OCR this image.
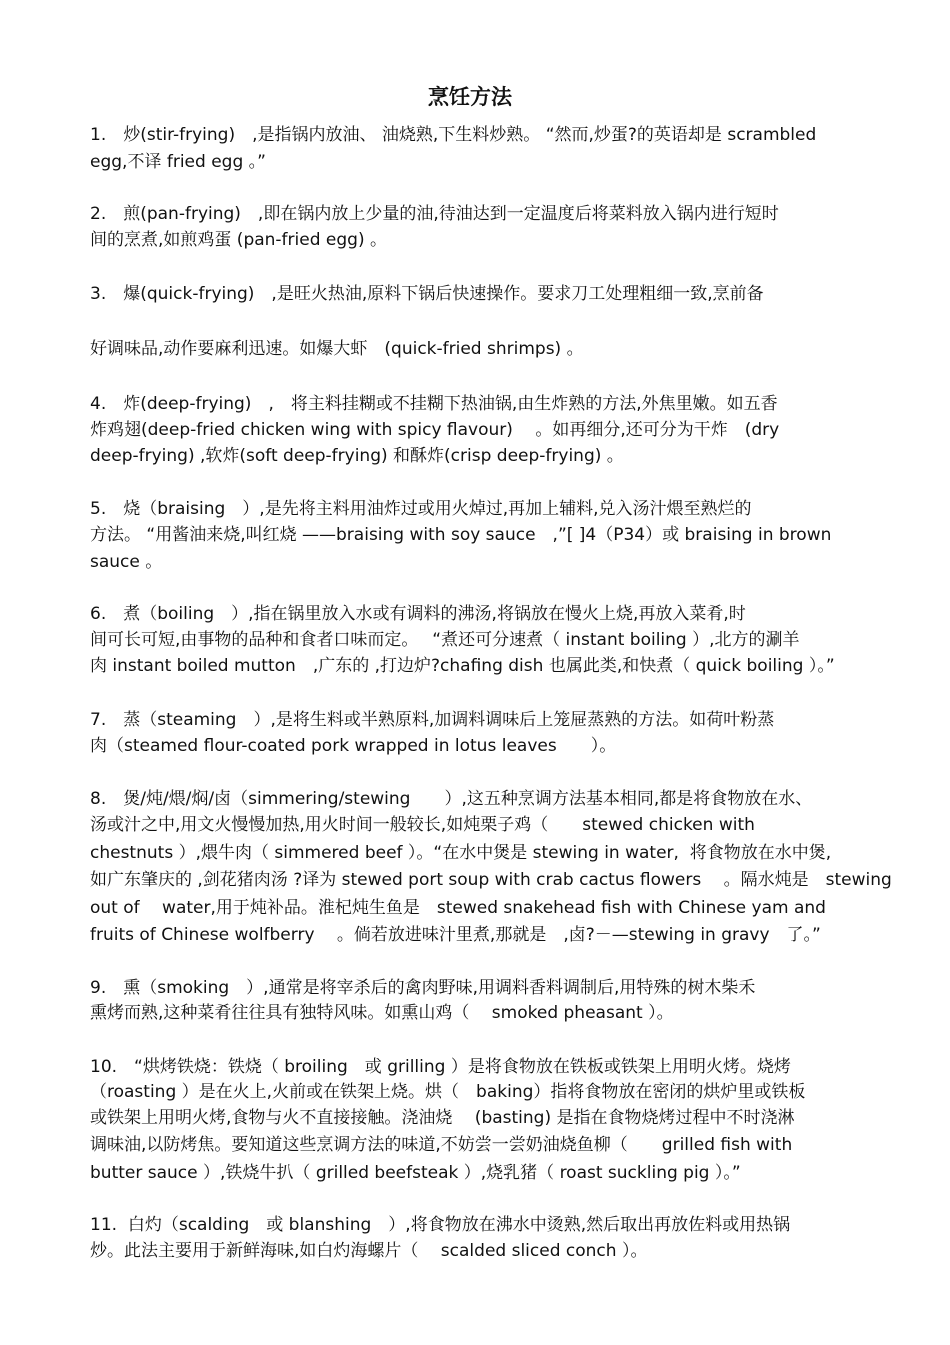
烹饪方法

1.　炒(stir-frying)　,是指锅内放油、 油烧熟,下生料炒熟。 “然而,炒蛋?的英语却是 scrambled

egg,不译 fried egg 。”

2.　煎(pan-frying)　,即在锅内放上少量的油,待油达到一定温度后将菜料放入锅内进行短时

间的烹煮,如煎鸡蛋 (pan-fried egg) 。

3.　爆(quick-frying)　,是旺火热油,原料下锅后快速操作。要求刀工处理粗细一致,烹前备

好调味品,动作要麻利迅速。如爆大虾　(quick-fried shrimps) 。

4.　炸(deep-frying)　,　将主料挂糊或不挂糊下热油锅,由生炸熟的方法,外焦里嫩。如五香

炸鸡翅(deep-fried chicken wing with spicy flavour)　 。如再细分,还可分为干炸　(dry

deep-frying) ,软炸(soft deep-frying) 和酥炸(crisp deep-frying) 。

5.　烧（braising　）,是先将主料用油炸过或用火焯过,再加上辅料,兑入汤汁煨至熟烂的

方法。 “用酱油来烧,叫红烧 ——braising with soy sauce　,”[ ]4（P34）或 braising in brown

sauce 。

6.　煮（boiling　）,指在锅里放入水或有调料的沸汤,将锅放在慢火上烧,再放入菜肴,时

间可长可短,由事物的品种和食者口味而定。　 “煮还可分速煮（ instant boiling ）,北方的涮羊

肉 instant boiled mutton　,广东的 ,打边炉?chafing dish 也属此类,和快煮（ quick boiling ）。”

7.　蒸（steaming　）,是将生料或半熟原料,加调料调味后上笼屉蒸熟的方法。如荷叶粉蒸

肉（steamed flour-coated pork wrapped in lotus leaves　　）。

8.　煲/炖/煨/焖/卤（simmering/stewing　　）,这五种烹调方法基本相同,都是将食物放在水、

汤或汁之中,用文火慢慢加热,用火时间一般较长,如炖栗子鸡（　　stewed chicken with

chestnuts ）,煨牛肉（ simmered beef ）。“在水中煲是 stewing in water,  将食物放在水中煲,

如广东肇庆的 ,剑花猪肉汤 ?译为 stewed port soup with crab cactus flowers　 。隔水炖是　stewing

out of　 water,用于炖补品。淮杞炖生鱼是　stewed snakehead fish with Chinese yam and

fruits of Chinese wolfberry　 。倘若放进味汁里煮,那就是　,卤?－—stewing in gravy　了。”

9.　熏（smoking　）,通常是将宰杀后的禽肉野味,用调料香料调制后,用特殊的树木柴禾

熏烤而熟,这种菜肴往往具有独特风味。如熏山鸡（　 smoked pheasant ）。

10.　“烘烤铁烧：铁烧（ broiling　或 grilling ）是将食物放在铁板或铁架上用明火烤。烧烤

（roasting ）是在火上,火前或在铁架上烧。烘（　baking）指将食物放在密闭的烘炉里或铁板

或铁架上用明火烤,食物与火不直接接触。浇油烧　 (basting) 是指在食物烧烤过程中不时浇淋

调味油,以防烤焦。要知道这些烹调方法的味道,不妨尝一尝奶油烧鱼柳（　　grilled fish with

butter sauce ）,铁烧牛扒（ grilled beefsteak ）,烧乳猪（ roast suckling pig ）。”

11.  白灼（scalding　或 blanshing　）,将食物放在沸水中烫熟,然后取出再放佐料或用热锅

炒。此法主要用于新鲜海味,如白灼海螺片（　 scalded sliced conch ）。
